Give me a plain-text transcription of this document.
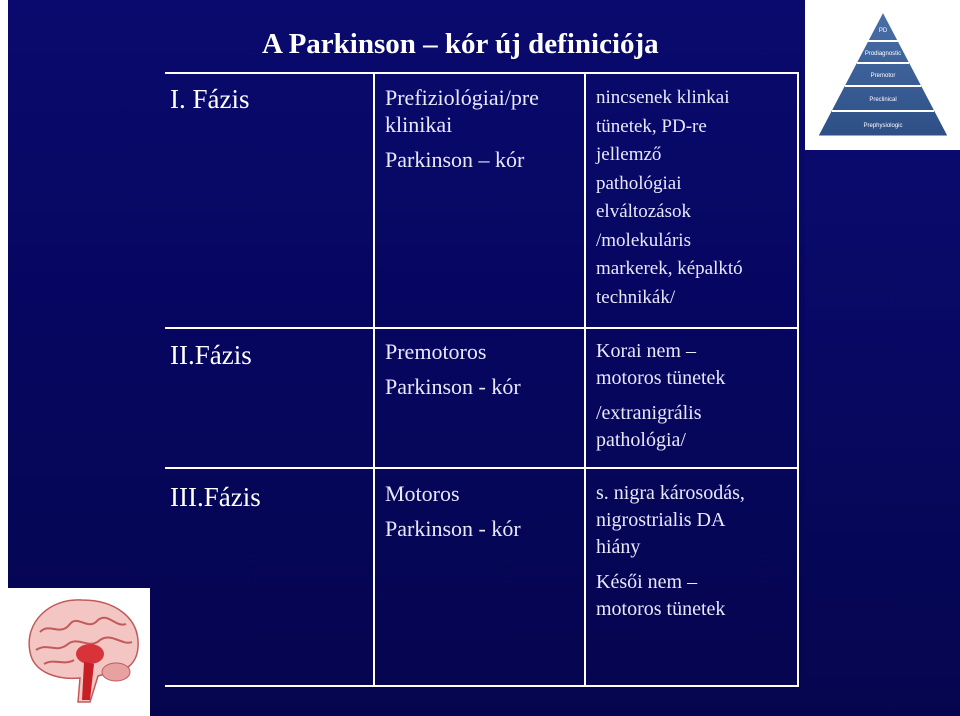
A Parkinson – kór új definiciója
I. Fázis
II.Fázis
III.Fázis

Prefiziológiai/pre

klinikai

Parkinson – kór

nincsenek klinkai

tünetek, PD-re

jellemző

pathológiai

elváltozások

/molekuláris

markerek, képalktó

technikák/

Premotoros

Parkinson - kór

Korai nem –

motoros tünetek

/extranigrális

pathológia/

Motoros

Parkinson - kór

s. nigra károsodás,

nigrostrialis DA

hiány

Késői nem –

motoros tünetek

PD
Prodiagnostic
Premotor
Preclinical
Prephysiologic
